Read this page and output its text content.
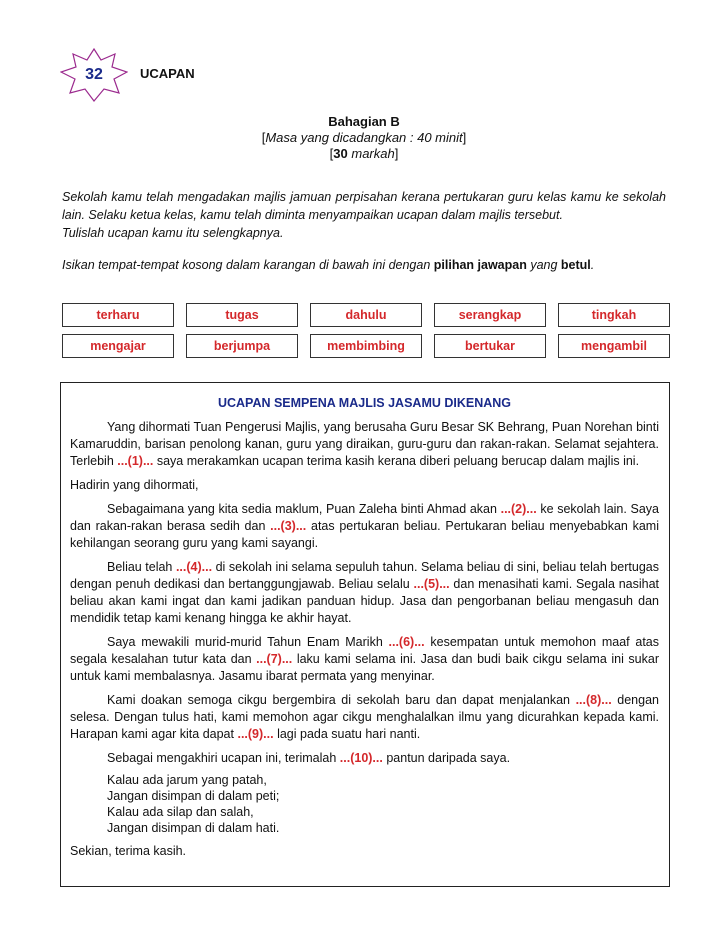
32	UCAPAN
Bahagian B
[Masa yang dicadangkan : 40 minit]
[30 markah]

Sekolah kamu telah mengadakan majlis jamuan perpisahan kerana pertukaran guru kelas kamu ke sekolah lain. Selaku ketua kelas, kamu telah diminta menyampaikan ucapan dalam majlis tersebut.

Tulislah ucapan kamu itu selengkapnya.

Isikan tempat-tempat kosong dalam karangan di bawah ini dengan pilihan jawapan yang betul.

terharu	tugas	dahulu	serangkap	tingkah
mengajar	berjumpa	membimbing	bertukar	mengambil
UCAPAN SEMPENA MAJLIS JASAMU DIKENANG

Yang dihormati Tuan Pengerusi Majlis, yang berusaha Guru Besar SK Behrang, Puan Norehan binti Kamaruddin, barisan penolong kanan, guru yang diraikan, guru-guru dan rakan-rakan. Selamat sejahtera. Terlebih ...(1)... saya merakamkan ucapan terima kasih kerana diberi peluang berucap dalam majlis ini.

Hadirin yang dihormati,

Sebagaimana yang kita sedia maklum, Puan Zaleha binti Ahmad akan ...(2)... ke sekolah lain. Saya dan rakan-rakan berasa sedih dan ...(3)... atas pertukaran beliau. Pertukaran beliau menyebabkan kami kehilangan seorang guru yang kami sayangi.

Beliau telah ...(4)... di sekolah ini selama sepuluh tahun. Selama beliau di sini, beliau telah bertugas dengan penuh dedikasi dan bertanggungjawab. Beliau selalu ...(5)... dan menasihati kami. Segala nasihat beliau akan kami ingat dan kami jadikan panduan hidup. Jasa dan pengorbanan beliau mengasuh dan mendidik tetap kami kenang hingga ke akhir hayat.

Saya mewakili murid-murid Tahun Enam Marikh ...(6)... kesempatan untuk memohon maaf atas segala kesalahan tutur kata dan ...(7)... laku kami selama ini. Jasa dan budi baik cikgu selama ini sukar untuk kami membalasnya. Jasamu ibarat permata yang menyinar.

Kami doakan semoga cikgu bergembira di sekolah baru dan dapat menjalankan ...(8)... dengan selesa. Dengan tulus hati, kami memohon agar cikgu menghalalkan ilmu yang dicurahkan kepada kami. Harapan kami agar kita dapat ...(9)... lagi pada suatu hari nanti.

Sebagai mengakhiri ucapan ini, terimalah ...(10)... pantun daripada saya.

Kalau ada jarum yang patah,
Jangan disimpan di dalam peti;
Kalau ada silap dan salah,
Jangan disimpan di dalam hati.

Sekian, terima kasih.
